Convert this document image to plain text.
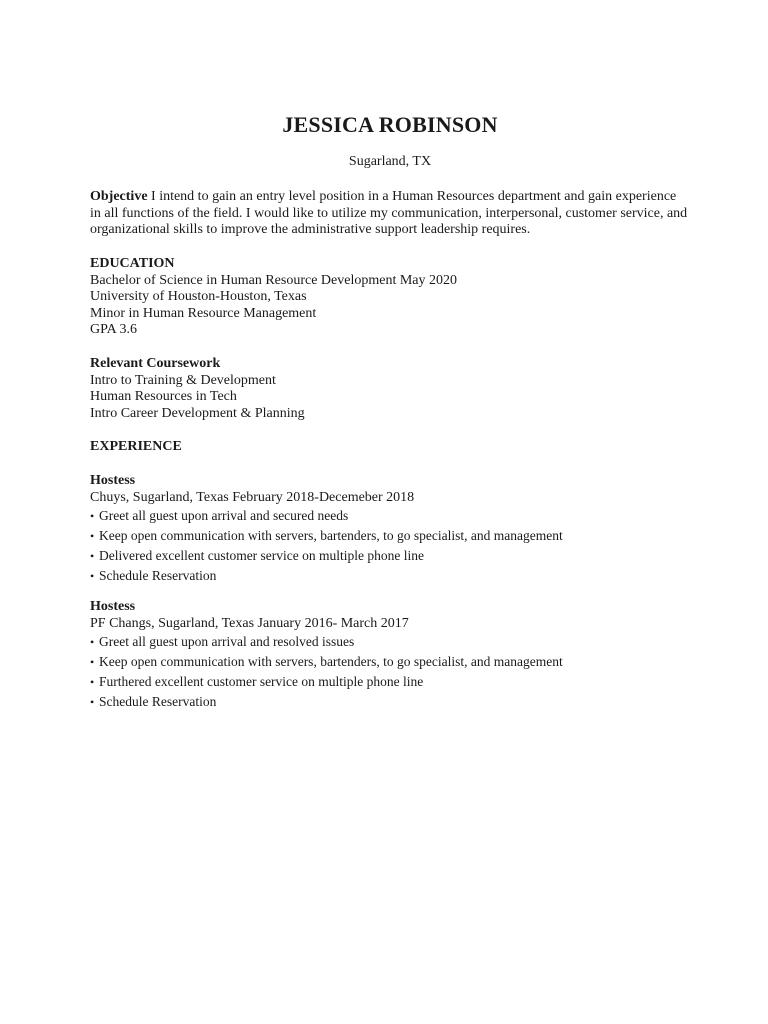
JESSICA ROBINSON
Sugarland, TX
Objective I intend to gain an entry level position in a Human Resources department and gain experience in all functions of the field. I would like to utilize my communication, interpersonal, customer service, and organizational skills to improve the administrative support leadership requires.
EDUCATION
Bachelor of Science in Human Resource Development May 2020
University of Houston-Houston, Texas
Minor in Human Resource Management
GPA 3.6
Relevant Coursework
Intro to Training & Development
Human Resources in Tech
Intro Career Development & Planning
EXPERIENCE
Hostess
Chuys, Sugarland, Texas February 2018-Decemeber 2018
• Greet all guest upon arrival and secured needs
• Keep open communication with servers, bartenders, to go specialist, and management
• Delivered excellent customer service on multiple phone line
• Schedule Reservation
Hostess
PF Changs, Sugarland, Texas January 2016- March 2017
• Greet all guest upon arrival and resolved issues
• Keep open communication with servers, bartenders, to go specialist, and management
• Furthered excellent customer service on multiple phone line
• Schedule Reservation
